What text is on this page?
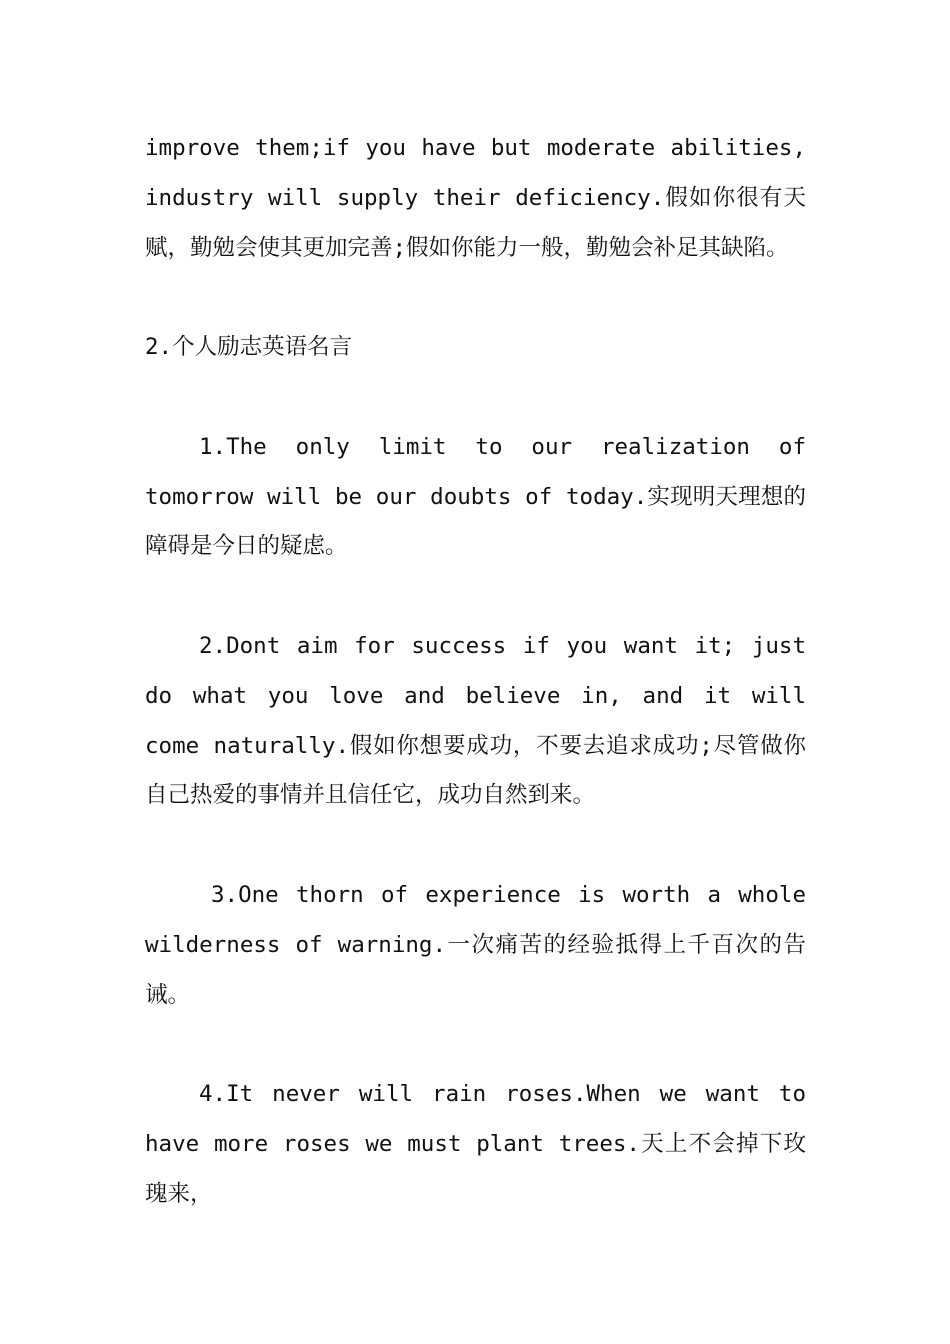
improve them;if you have but moderate abilities, industry will supply their deficiency.假如你很有天赋，勤勉会使其更加完善;假如你能力一般，勤勉会补足其缺陷。

2.个人励志英语名言

1.The only limit to our realization of tomorrow will be our doubts of today.实现明天理想的障碍是今日的疑虑。

2.Dont aim for success if you want it; just do what you love and believe in, and it will come naturally.假如你想要成功，不要去追求成功;尽管做你自己热爱的事情并且信任它，成功自然到来。

3.One thorn of experience is worth a whole wilderness of warning.一次痛苦的经验抵得上千百次的告诫。

4.It never will rain roses.When we want to have more roses we must plant trees.天上不会掉下玫瑰来，
